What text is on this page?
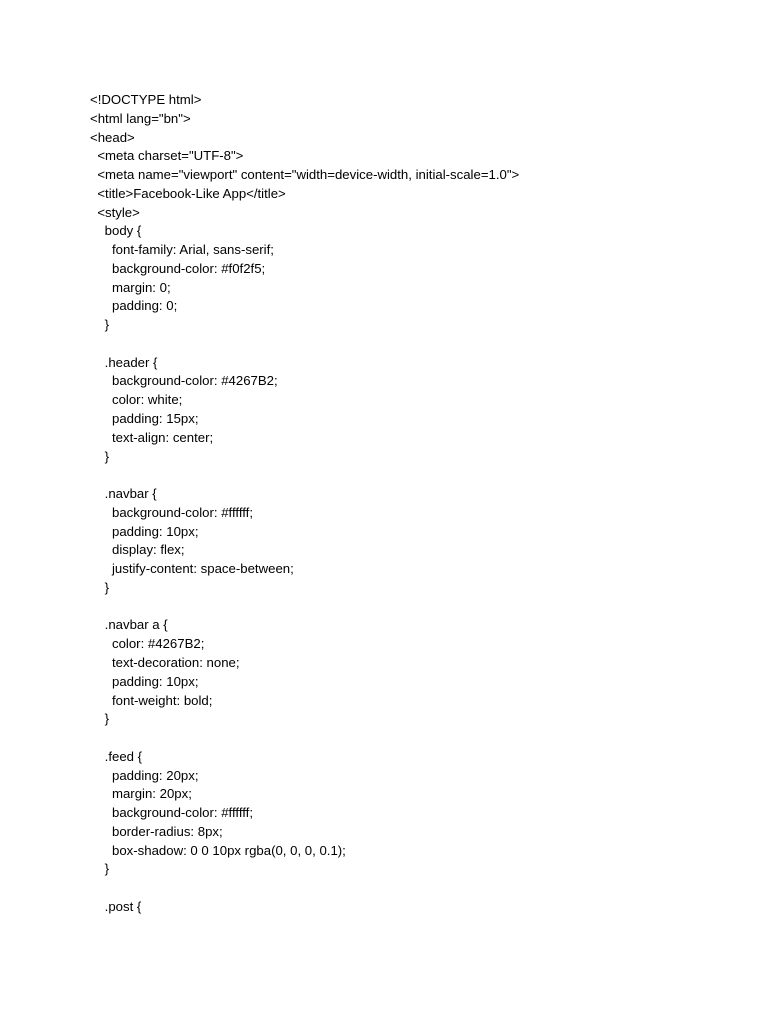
<!DOCTYPE html>
<html lang="bn">
<head>
<meta charset="UTF-8">
<meta name="viewport" content="width=device-width, initial-scale=1.0">
<title>Facebook-Like App</title>
<style>
body {
font-family: Arial, sans-serif;
background-color: #f0f2f5;
margin: 0;
padding: 0;
}
.header {
background-color: #4267B2;
color: white;
padding: 15px;
text-align: center;
}
.navbar {
background-color: #ffffff;
padding: 10px;
display: flex;
justify-content: space-between;
}
.navbar a {
color: #4267B2;
text-decoration: none;
padding: 10px;
font-weight: bold;
}
.feed {
padding: 20px;
margin: 20px;
background-color: #ffffff;
border-radius: 8px;
box-shadow: 0 0 10px rgba(0, 0, 0, 0.1);
}
.post {
